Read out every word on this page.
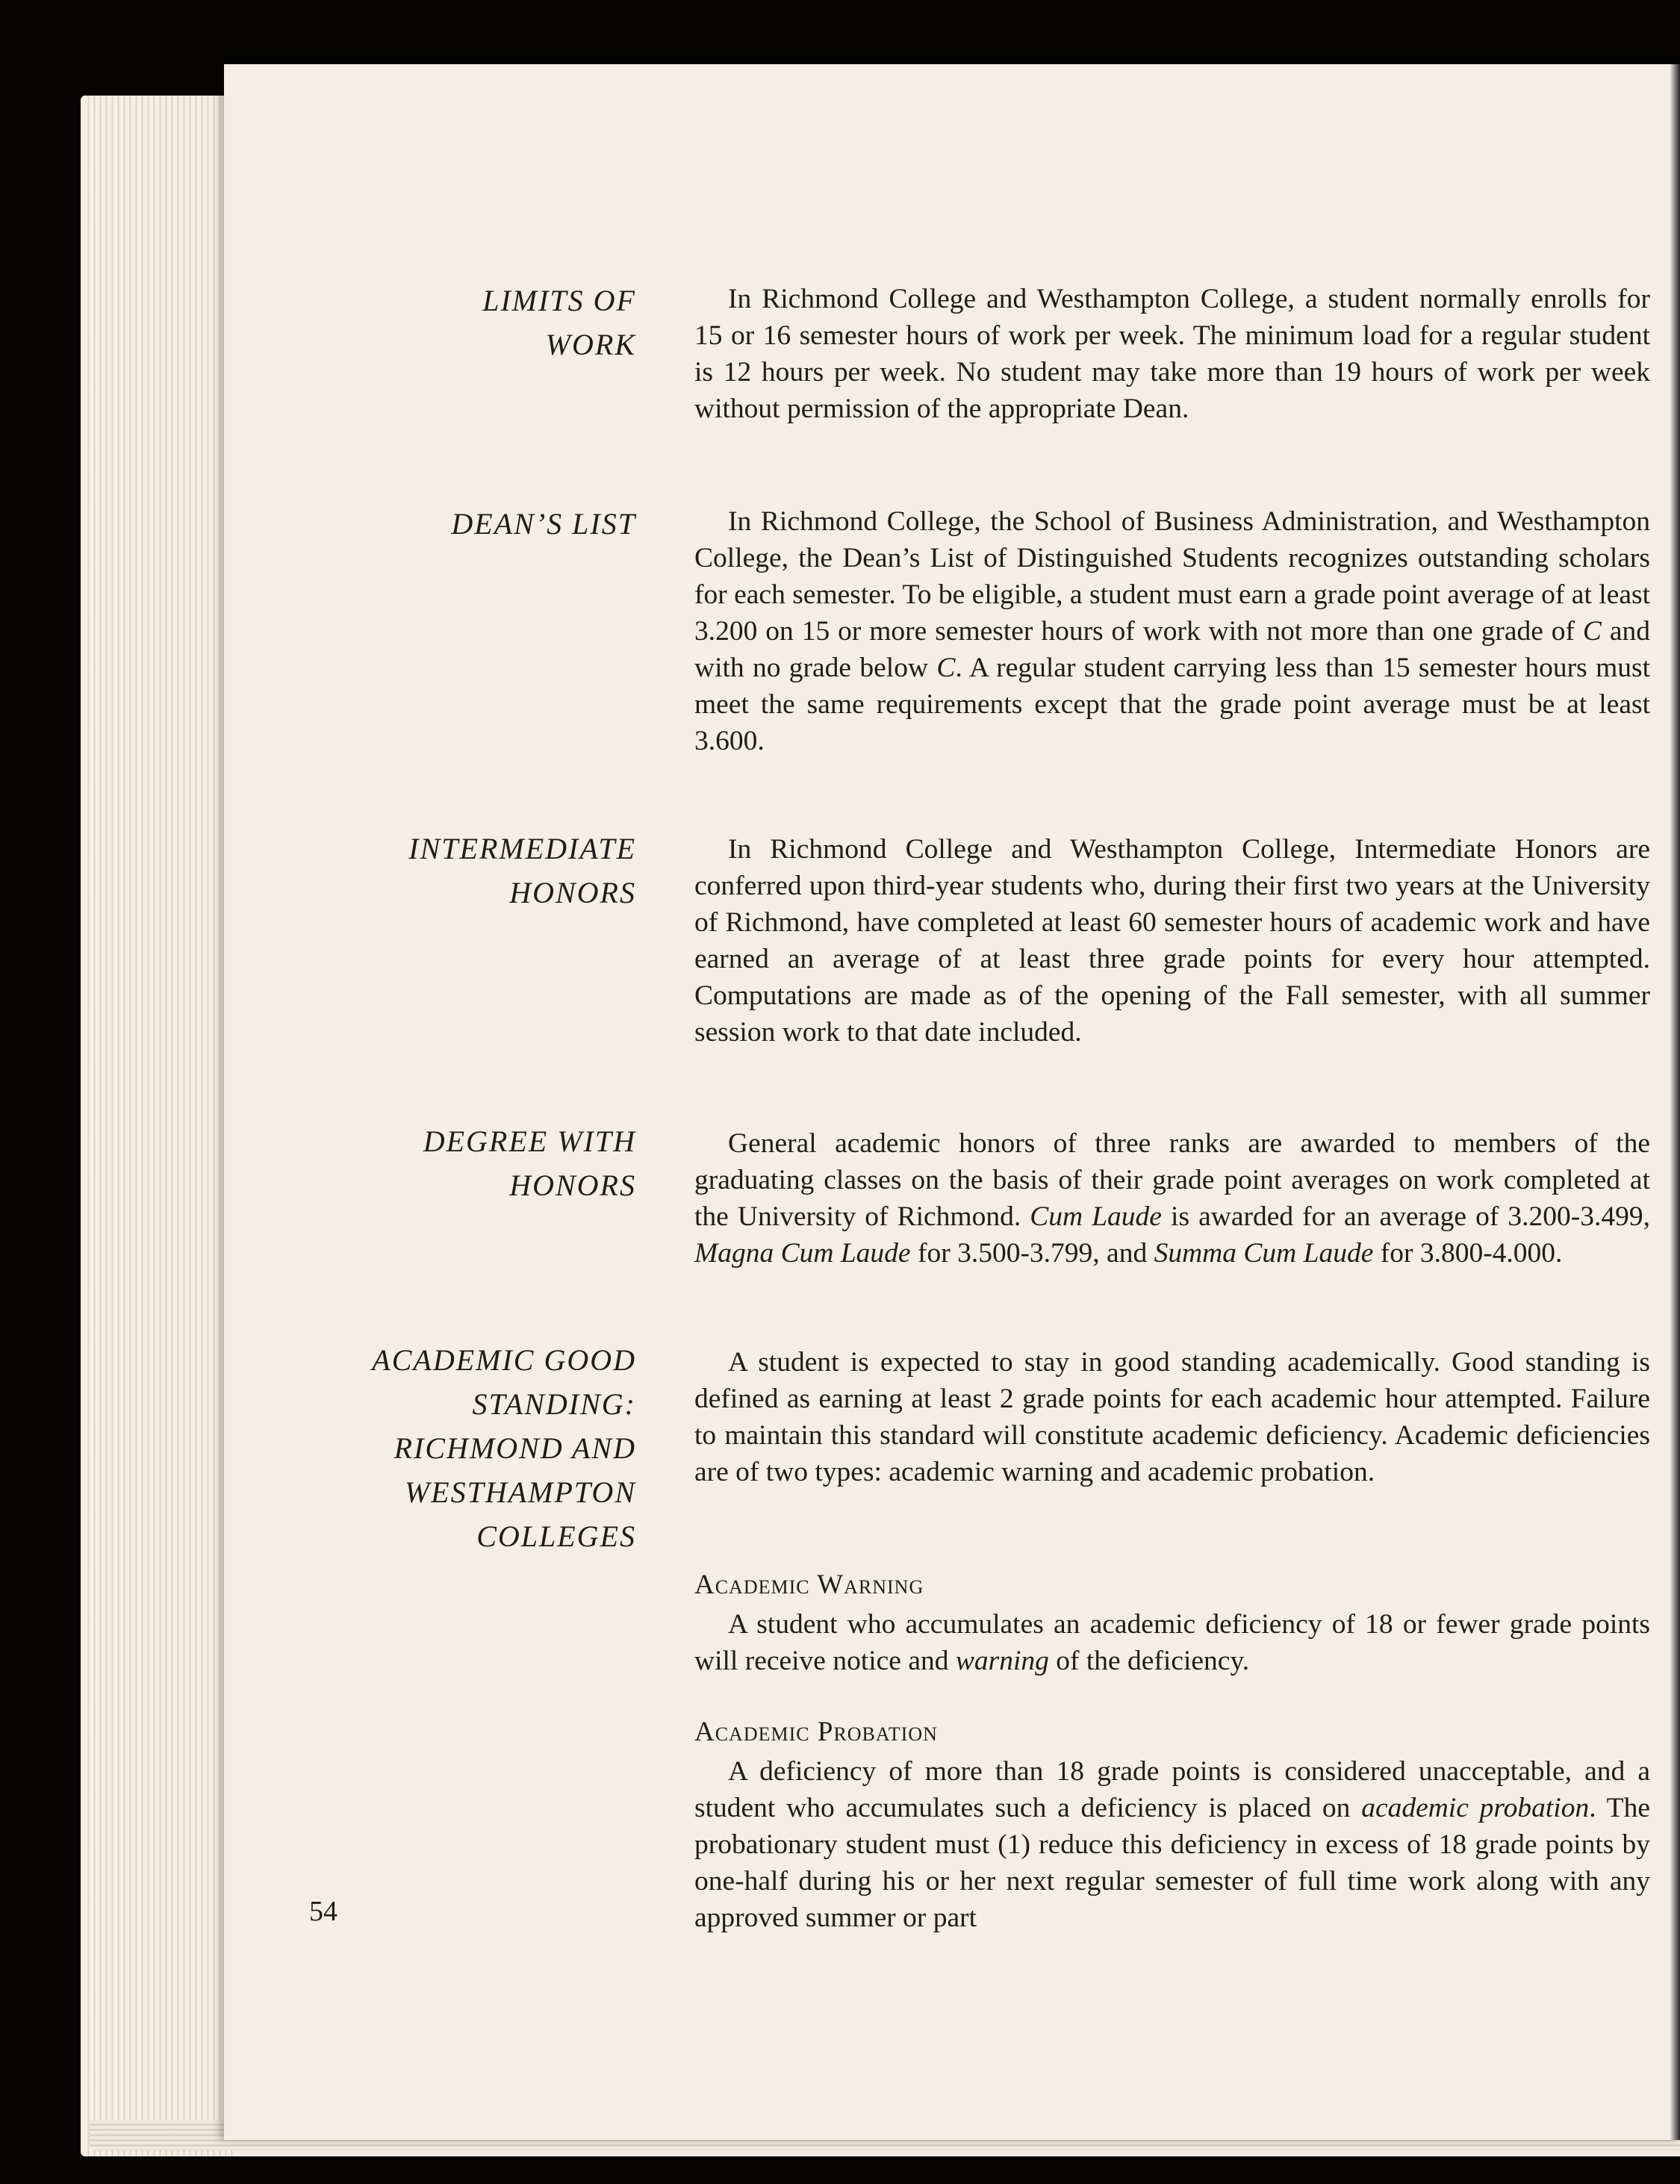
LIMITS OF
WORK

In Richmond College and Westhampton College, a student normally enrolls for 15 or 16 semester hours of work per week. The minimum load for a regular student is 12 hours per week. No student may take more than 19 hours of work per week without permission of the appropriate Dean.

DEAN’S LIST	In Richmond College, the School of Business Administration, and Westhampton College, the Dean’s List of Distinguished Students recognizes outstanding scholars for each semester. To be eligible, a student must earn a grade point average of at least 3.200 on 15 or more semester hours of work with not more than one grade of C and with no grade below C. A regular student carrying less than 15 semester hours must meet the same requirements except that the grade point average must be at least 3.600.

INTERMEDIATE
HONORS

In Richmond College and Westhampton College, Intermediate Honors are conferred upon third-year students who, during their first two years at the University of Richmond, have completed at least 60 semester hours of academic work and have earned an average of at least three grade points for every hour attempted. Computations are made as of the opening of the Fall semester, with all summer session work to that date included.

DEGREE WITH
HONORS

General academic honors of three ranks are awarded to members of the graduating classes on the basis of their grade point averages on work completed at the University of Richmond. Cum Laude is awarded for an average of 3.200-3.499, Magna Cum Laude for 3.500-3.799, and Summa Cum Laude for 3.800-4.000.

ACADEMIC GOOD
STANDING:
RICHMOND AND
WESTHAMPTON
COLLEGES

A student is expected to stay in good standing academically. Good standing is defined as earning at least 2 grade points for each academic hour attempted. Failure to maintain this standard will constitute academic deficiency. Academic deficiencies are of two types: academic warning and academic probation.

Academic Warning

A student who accumulates an academic deficiency of 18 or fewer grade points will receive notice and warning of the deficiency.

Academic Probation

A deficiency of more than 18 grade points is considered unacceptable, and a student who accumulates such a deficiency is placed on academic probation. The probationary student must (1) reduce this deficiency in excess of 18 grade points by one-half during his or her next regular semester of full time work along with any approved summer or part

54
